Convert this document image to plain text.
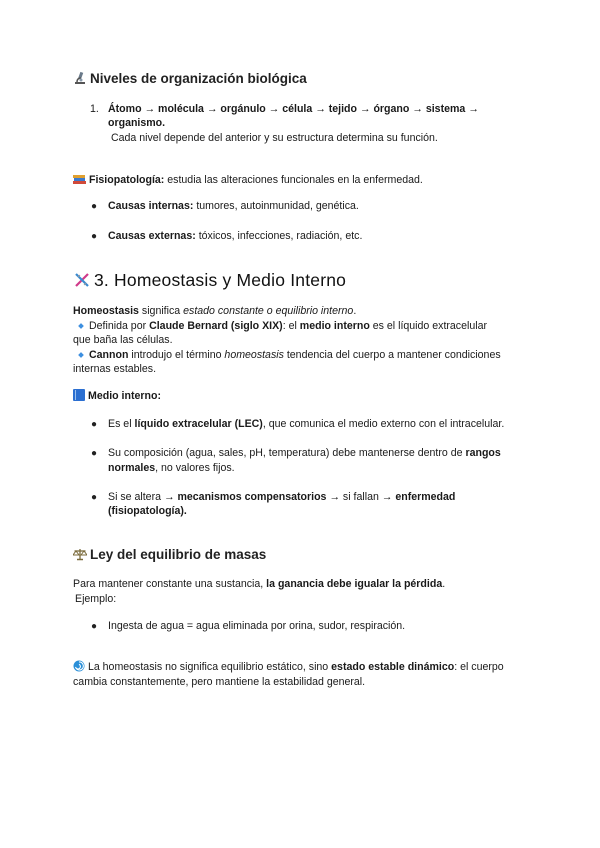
Niveles de organización biológica
1. Átomo → molécula → orgánulo → célula → tejido → órgano → sistema →
organismo.
Cada nivel depende del anterior y su estructura determina su función.
Fisiopatología: estudia las alteraciones funcionales en la enfermedad.
● Causas internas: tumores, autoinmunidad, genética.
● Causas externas: tóxicos, infecciones, radiación, etc.
3. Homeostasis y Medio Interno
Homeostasis significa estado constante o equilibrio interno.
Definida por Claude Bernard (siglo XIX): el medio interno es el líquido extracelular
que baña las células.
Cannon introdujo el término homeostasis tendencia del cuerpo a mantener condiciones
internas estables.
Medio interno:
● Es el líquido extracelular (LEC), que comunica el medio externo con el intracelular.
● Su composición (agua, sales, pH, temperatura) debe mantenerse dentro de rangos
normales, no valores fijos.
● Si se altera → mecanismos compensatorios → si fallan → enfermedad
(fisiopatología).
Ley del equilibrio de masas
Para mantener constante una sustancia, la ganancia debe igualar la pérdida.
Ejemplo:
● Ingesta de agua = agua eliminada por orina, sudor, respiración.
La homeostasis no significa equilibrio estático, sino estado estable dinámico: el cuerpo
cambia constantemente, pero mantiene la estabilidad general.
